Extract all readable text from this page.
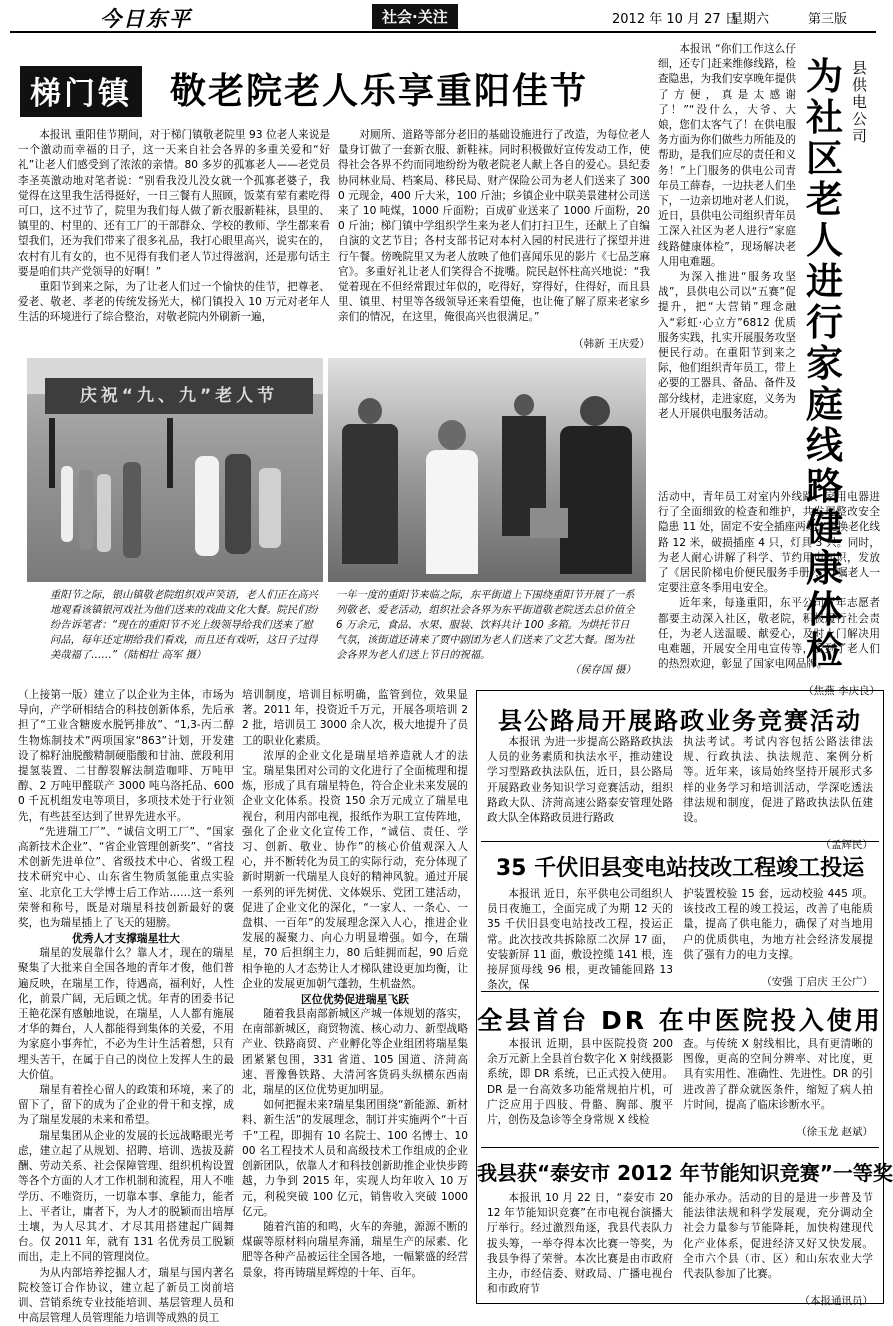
今日东平	社会·关注	2012 年 10 月 27 日
星期六	第三版
梯门镇 敬老院老人乐享重阳佳节

本报讯 重阳佳节期间，对于梯门镇敬老院里 93 位老人来说是一个激动而幸福的日子，这一天来自社会各界的多重关爱和“好礼”让老人们感受到了浓浓的亲情。80 多岁的孤寡老人——老党员李圣英激动地对笔者说：“别看我没儿没女就一个孤寡老婆子，我觉得在这里我生活得挺好，一日三餐有人照顾，饭菜有荤有素吃得可口，这不过节了，院里为我们每人做了新衣服新鞋袜，县里的、镇里的、村里的、还有工厂的干部群众、学校的教师、学生都来看望我们，还为我们带来了很多礼品，我打心眼里高兴，说实在的，农村有儿有女的，也不见得有我们老人节过得滋润，还是那句话主要是咱们共产党领导的好啊！”

重阳节到来之际，为了让老人们过一个愉快的佳节，把尊老、爱老、敬老、孝老的传统发扬光大，梯门镇投入 10 万元对老年人生活的环境进行了综合整治，对敬老院内外刷新一遍，

对厕所、道路等部分老旧的基础设施进行了改造，为每位老人量身订做了一套新衣服、新鞋袜。同时积极做好宣传发动工作，使得社会各界不约而同地纷纷为敬老院老人献上各自的爱心。县纪委协同林业局、档案局、移民局、财产保险公司为老人们送来了 3000 元现金，400 斤大米，100 斤油；乡镇企业中联美景建材公司送来了 10 吨煤，1000 斤面粉；百成矿业送来了 1000 斤面粉，200 斤油；梯门镇中学组织学生来为老人们打扫卫生，还献上了自编自演的文艺节目；各村支部书记对本村入园的村民进行了探望并进行午餐。傍晚院里又为老人放映了他们喜闻乐见的影片《七品芝麻官》。多重好礼让老人们笑得合不拢嘴。院民赵怀柱高兴地说：“我觉着现在不但经常跟过年似的，吃得好，穿得好，住得好，而且县里、镇里、村里等各级领导还来看望俺，也让俺了解了原来老家乡亲们的情况，在这里，俺很高兴也很满足。”

（韩新 王庆爱）

庆祝“九、九”老人节
重阳节之际，银山镇敬老院组织戏声笑语，老人们正在高兴地观看该镇银河戏社为他们送来的戏曲文化大餐。院民们纷纷告诉笔者：“现在的重阳节不光上级领导给我们送来了慰问品，每年还定期给我们看戏，而且还有戏听，这日子过得美哉福了……”（陆相壮 高军 摄）
一年一度的重阳节来临之际，东平街道上下围绕重阳节开展了一系列敬老、爱老活动，组织社会各界为东平街道敬老院送去总价值全 6 万余元，食品、水果、服装、饮料共计 100 多箱。为烘托节日气氛，该街道还请来了贾中剧团为老人们送来了文艺大餐。图为社会各界为老人们送上节日的祝福。
（侯存国 摄）
县供电公司
为社区老人进行家庭线路健康体检

本报讯 “你们工作这么仔细，还专门赶来维修线路，检查隐患，为我们安享晚年提供了方便，真是太感谢了！”“没什么，大爷、大娘，您们太客气了！在供电服务方面为你们做些力所能及的帮助，是我们应尽的责任和义务！”上门服务的供电公司青年员工薛春，一边扶老人们坐下，一边亲切地对老人们说，近日，县供电公司组织青年员工深入社区为老人进行“家庭线路健康体检”，现场解决老人用电难题。

为深入推进“服务攻坚战”，县供电公司以“五赛”促提升，把“大营销”理念融入“彩虹·心立方”6812 优质服务实践，扎实开展服务攻坚便民行动。在重阳节到来之际，他们组织青年员工，带上必要的工器具、备品、备件及部分线材，走进家庭，义务为老人开展供电服务活动。

活动中，青年员工对室内外线路、家用电器进行了全面细致的检查和维护，共发现整改安全隐患 11 处，固定不安全插座两处，更换老化线路 12 米，破损插座 4 只，灯具 3 只。同时，为老人耐心讲解了科学、节约用电知识，发放了《居民阶梯电价便民服务手册》，叮嘱老人一定要注意冬季用电安全。

近年来，每逢重阳，东平公司青年志愿者都要主动深入社区，敬老院，积极履行社会责任，为老人送温暖、献爱心，及时上门解决用电难题，开展安全用电宣传等，受到了老人们的热烈欢迎，彰显了国家电网品牌。

（焦燕 李庆良）

（上接第一版）建立了以企业为主体，市场为导向，产学研相结合的科技创新体系，先后承担了“工业含糖废水脱钙排放”、“1,3-丙二醇生物炼制技术”两项国家“863”计划，开发建设了棉籽油脱酸精制硬脂酸和甘油、蔗段利用提氢装置、二甘醇裂解法制造咖啡、万吨甲醇、2 万吨甲醛联产 3000 吨乌洛托品、6000 千瓦机组发电等项目，多项技术处于行业领先，有些甚至达到了世界先进水平。

“先进瑞工厂”、“诚信文明工厂”、“国家高新技术企业”、“省企业管理创新奖”、“省技术创新先进单位”、省级技术中心、省级工程技术研究中心、山东省生物质氢能重点实验室、北京化工大学博士后工作站……这一系列荣誉和称号，既是对瑞星科技创新最好的褒奖，也为瑞星插上了飞天的翅膀。

优秀人才支撑瑞星壮大

瑞星的发展靠什么？靠人才，现在的瑞星聚集了大批来自全国各地的青年才俊，他们普遍反映，在瑞星工作，待遇高，福利好，人性化，前景广阔，无后顾之忧。年青的团委书记王艳花深有感触地说，在瑞星，人人都有施展才华的舞台，人人都能得到集体的关爱，不用为家庭小事奔忙，不必为生计生活着想，只有埋头苦干，在属于自己的岗位上发挥人生的最大价值。

瑞星有着拴心留人的政策和环境，来了的留下了，留下的成为了企业的骨干和支撑，成为了瑞星发展的未来和希望。

瑞星集团从企业的发展的长远战略眼光考虑，建立起了从规划、招聘、培训、选拔及薪酬、劳动关系、社会保障管理、组织机构设置等各个方面的人才工作机制和流程，用人不唯学历、不唯资历，一切靠本事、拿能力，能者上、平者让，庸者下，为人才的脱颖而出培厚土壤，为人尽其才、才尽其用搭建起广阔舞台。仅 2011 年，就有 131 名优秀员工脱颖而出，走上不同的管理岗位。

为从内部培养挖掘人才，瑞星与国内著名院校签订合作协议，建立起了新员工岗前培训、营销系统专业技能培训、基层管理人员和中高层管理人员管理能力培训等成熟的员工

培训制度，培训目标明确，监管到位，效果显著。2011 年，投资近千万元，开展各项培训 22 批，培训员工 3000 余人次，极大地提升了员工的职业化素质。

浓厚的企业文化是瑞星培养造就人才的法宝。瑞星集团对公司的文化进行了全面梳理和提炼，形成了具有瑞星特色，符合企业未来发展的企业文化体系。投资 150 余万元成立了瑞星电视台，利用内部电视，报纸作为职工宣传阵地，强化了企业文化宣传工作，“诚信、责任、学习、创新、敬业、协作”的核心价值观深入人心，并不断转化为员工的实际行动，充分体现了新时期新一代瑞星人良好的精神风貌。通过开展一系列的评先树优、文体娱乐、党团工建活动，促进了企业文化的深化，“一家人、一条心、一盘棋、一百年”的发展理念深入人心，推进企业发展的凝聚力、向心力明显增强。如今，在瑞星，70 后担纲主力，80 后蛙拥而起，90 后竞相争艳的人才态势让人才梯队建设更加均衡，让企业的发展更加朝气蓬勃，生机盎然。

区位优势促进瑞星飞跃

随着我县南部新城区产城一体规划的落实，在南部新城区，商贸物流、核心动力、新型战略产业、铁路商贸、产业孵化等企业组团将瑞星集团紧紧包围，331 省道、105 国道、济菏高速、晋豫鲁铁路、大清河客货码头纵横东西南北，瑞星的区位优势更加明显。

如何把握未来?瑞星集团围绕“新能源、新材料、新生活”的发展理念，制订并实施两个“十百千”工程，即拥有 10 名院士、100 名博士、1000 名工程技术人员和高级技术工作组成的企业创新团队，依靠人才和科技创新助推企业快步跨越，力争到 2015 年，实现人均年收入 10 万元，利税突破 100 亿元，销售收入突破 1000 亿元。

随着汽笛的和鸣，火车的奔驰，源源不断的煤碳等原材料向瑞星奔涌，瑞星生产的尿素、化肥等各种产品被运往全国各地，一幅繁盛的经营景象，将再铸瑞星辉煌的十年、百年。

县公路局开展路政业务竞赛活动

本报讯 为进一步提高公路路政执法人员的业务素质和执法水平，推动建设学习型路政执法队伍，近日，县公路局开展路政业务知识学习竞赛活动，组织路政大队、济菏高速公路泰安管理处路政大队全体路政员进行路政

执法考试。考试内容包括公路法律法规、行政执法、执法规范、案例分析等。近年来，该局始终坚持开展形式多样的业务学习和培训活动，学深吃透法律法规和制度，促进了路政执法队伍建设。

（孟辉民）

35 千伏旧县变电站技改工程竣工投运

本报讯 近日，东平供电公司组织人员日夜施工，全面完成了为期 12 天的 35 千伏旧县变电站技改工程，投运正常。此次技改共拆除原二次屏 17 面，安装新屏 11 面，敷设控缆 141 根，连接屏顶母线 96 根，更改铺能回路 13 条次，保

护装置校验 15 套，远动校验 445 项。该技改工程的竣工投运，改善了电能质量，提高了供电能力，确保了对当地用户的优质供电，为地方社会经济发展提供了强有力的电力支撑。

（安强 丁启庆 王公广）

全县首台 DR 在中医院投入使用

本报讯 近期，县中医院投资 200 余万元新上全县首台数字化 X 射线摄影系统，即 DR 系统，已正式投入使用。DR 是一台高效多功能常规拍片机，可广泛应用于四肢、骨骼、胸部、腹平片，创伤及急诊等全身常规 X 线检

查。与传统 X 射线相比，具有更清晰的图像，更高的空间分辨率、对比度，更具有实用性、准确性、先进性。DR 的引进改善了群众就医条件，缩短了病人拍片时间，提高了临床诊断水平。

（徐玉龙 赵斌）

我县获“泰安市 2012 年节能知识竞赛”一等奖

本报讯 10 月 22 日，“泰安市 2012 年节能知识竞赛”在市电视台演播大厅举行。经过激烈角逐，我县代表队力拔头筹，一举夺得本次比赛一等奖，为我县争得了荣誉。本次比赛是由市政府主办，市经信委、财政局、广播电视台和市政府节

能办承办。活动的目的是进一步普及节能法律法规和科学发展观，充分调动全社会力量参与节能降耗，加快构建现代化产业体系，促进经济又好又快发展。全市六个县（市、区）和山东农业大学代表队参加了比赛。

（本报通讯员）
